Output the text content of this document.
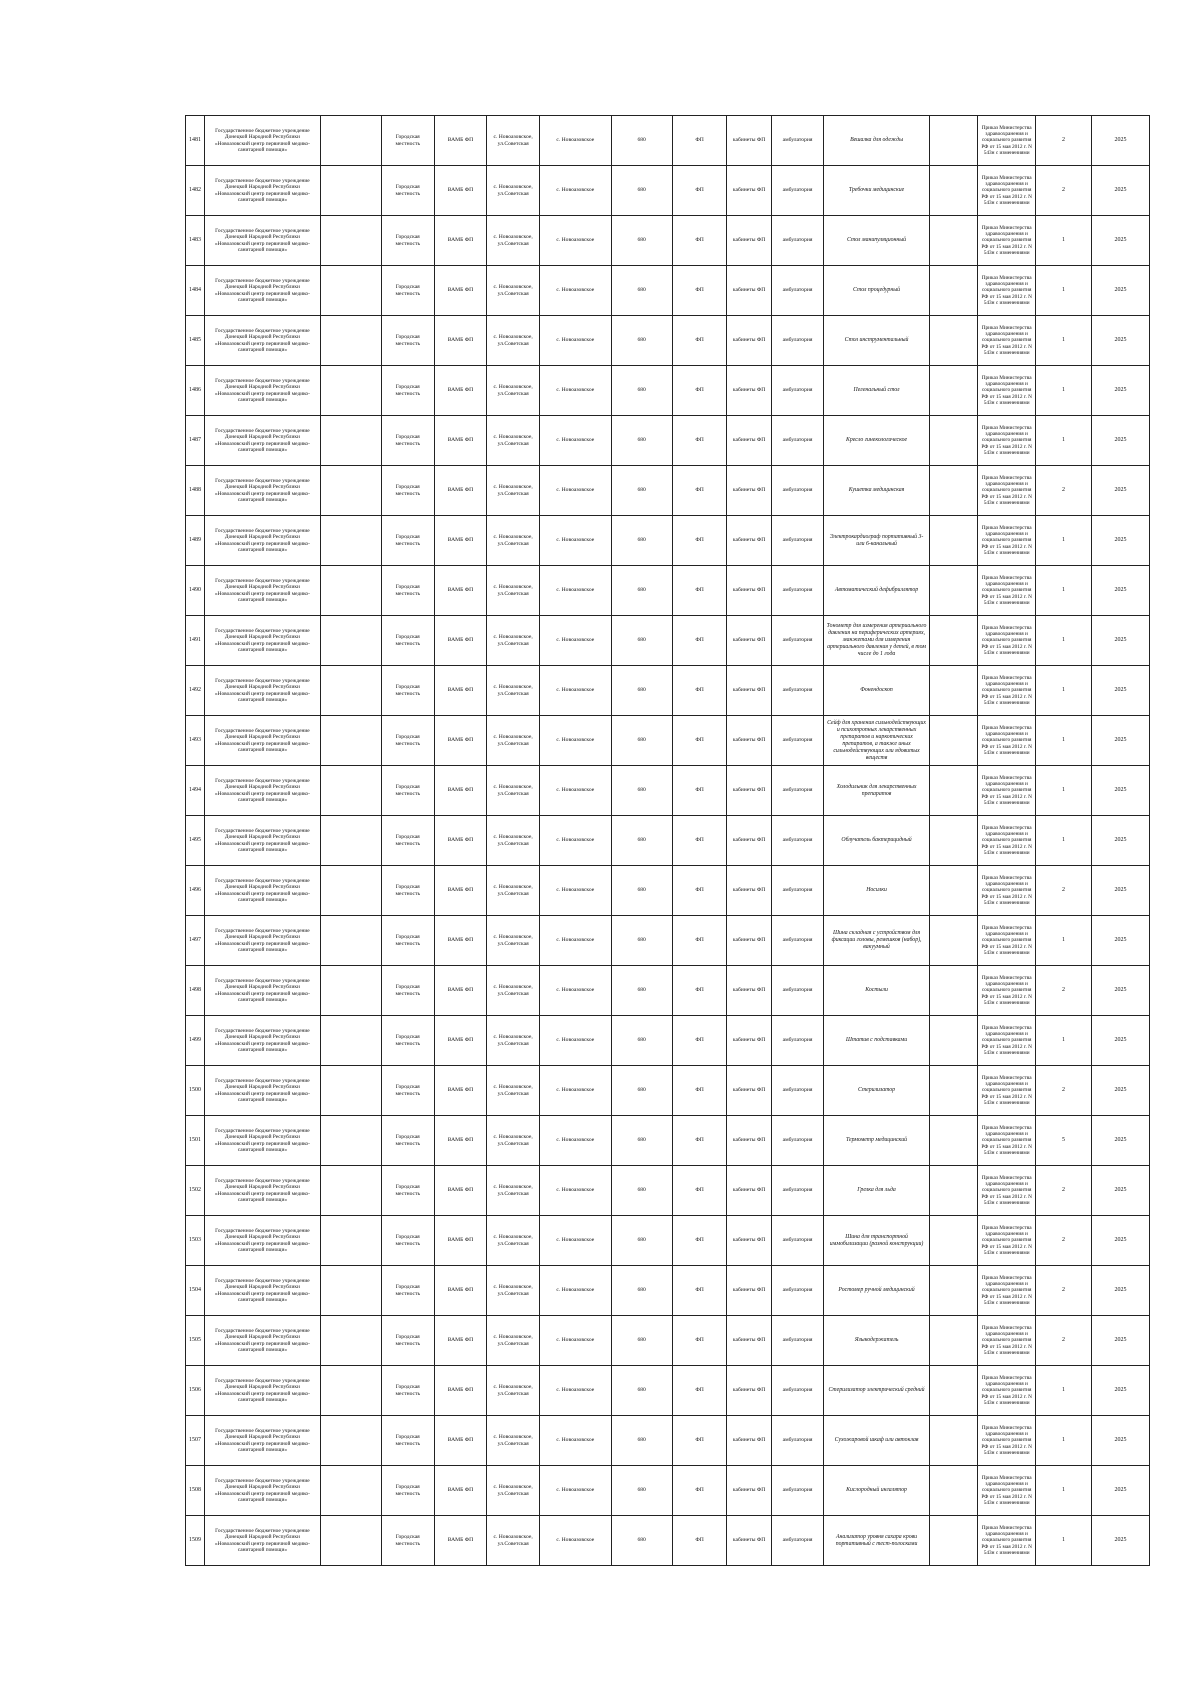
1481	Государственное бюджетное учреждение Донецкой Народной Республики «Новоазовский центр первичной медико-санитарной помощи»		Городская местность	ВАМБ ФП	с. Новоазовское, ул.Советская	с. Новоазовское	680	ФП	кабинеты ФП	амбулатория	Вешалка для одежды		Приказ Министерства здравоохранения и социального развития РФ от 15 мая 2012 г. N 543н с изменениями	2	2025
1482	Государственное бюджетное учреждение Донецкой Народной Республики «Новоазовский центр первичной медико-санитарной помощи»		Городская местность	ВАМБ ФП	с. Новоазовское, ул.Советская	с. Новоазовское	680	ФП	кабинеты ФП	амбулатория	Требочки медицинские		Приказ Министерства здравоохранения и социального развития РФ от 15 мая 2012 г. N 543н с изменениями	2	2025
1483	Государственное бюджетное учреждение Донецкой Народной Республики «Новоазовский центр первичной медико-санитарной помощи»		Городская местность	ВАМБ ФП	с. Новоазовское, ул.Советская	с. Новоазовское	680	ФП	кабинеты ФП	амбулатория	Стол манипуляционный		Приказ Министерства здравоохранения и социального развития РФ от 15 мая 2012 г. N 543н с изменениями	1	2025
1484	Государственное бюджетное учреждение Донецкой Народной Республики «Новоазовский центр первичной медико-санитарной помощи»		Городская местность	ВАМБ ФП	с. Новоазовское, ул.Советская	с. Новоазовское	680	ФП	кабинеты ФП	амбулатория	Стол процедурный		Приказ Министерства здравоохранения и социального развития РФ от 15 мая 2012 г. N 543н с изменениями	1	2025
1485	Государственное бюджетное учреждение Донецкой Народной Республики «Новоазовский центр первичной медико-санитарной помощи»		Городская местность	ВАМБ ФП	с. Новоазовское, ул.Советская	с. Новоазовское	680	ФП	кабинеты ФП	амбулатория	Стол инструментальный		Приказ Министерства здравоохранения и социального развития РФ от 15 мая 2012 г. N 543н с изменениями	1	2025
1486	Государственное бюджетное учреждение Донецкой Народной Республики «Новоазовский центр первичной медико-санитарной помощи»		Городская местность	ВАМБ ФП	с. Новоазовское, ул.Советская	с. Новоазовское	680	ФП	кабинеты ФП	амбулатория	Пеленальный стол		Приказ Министерства здравоохранения и социального развития РФ от 15 мая 2012 г. N 543н с изменениями	1	2025
1487	Государственное бюджетное учреждение Донецкой Народной Республики «Новоазовский центр первичной медико-санитарной помощи»		Городская местность	ВАМБ ФП	с. Новоазовское, ул.Советская	с. Новоазовское	680	ФП	кабинеты ФП	амбулатория	Кресло гинекологическое		Приказ Министерства здравоохранения и социального развития РФ от 15 мая 2012 г. N 543н с изменениями	1	2025
1488	Государственное бюджетное учреждение Донецкой Народной Республики «Новоазовский центр первичной медико-санитарной помощи»		Городская местность	ВАМБ ФП	с. Новоазовское, ул.Советская	с. Новоазовское	680	ФП	кабинеты ФП	амбулатория	Кушетка медицинская		Приказ Министерства здравоохранения и социального развития РФ от 15 мая 2012 г. N 543н с изменениями	2	2025
1489	Государственное бюджетное учреждение Донецкой Народной Республики «Новоазовский центр первичной медико-санитарной помощи»		Городская местность	ВАМБ ФП	с. Новоазовское, ул.Советская	с. Новоазовское	680	ФП	кабинеты ФП	амбулатория	Электрокардиограф портативный 3-или 6-канальный		Приказ Министерства здравоохранения и социального развития РФ от 15 мая 2012 г. N 543н с изменениями	1	2025
1490	Государственное бюджетное учреждение Донецкой Народной Республики «Новоазовский центр первичной медико-санитарной помощи»		Городская местность	ВАМБ ФП	с. Новоазовское, ул.Советская	с. Новоазовское	680	ФП	кабинеты ФП	амбулатория	Автоматический дефибриллятор		Приказ Министерства здравоохранения и социального развития РФ от 15 мая 2012 г. N 543н с изменениями	1	2025
1491	Государственное бюджетное учреждение Донецкой Народной Республики «Новоазовский центр первичной медико-санитарной помощи»		Городская местность	ВАМБ ФП	с. Новоазовское, ул.Советская	с. Новоазовское	680	ФП	кабинеты ФП	амбулатория	Тонометр для измерения артериального давления на периферических артериях, манжетами для измерения артериального давления у детей, в том числе до 1 года		Приказ Министерства здравоохранения и социального развития РФ от 15 мая 2012 г. N 543н с изменениями	1	2025
1492	Государственное бюджетное учреждение Донецкой Народной Республики «Новоазовский центр первичной медико-санитарной помощи»		Городская местность	ВАМБ ФП	с. Новоазовское, ул.Советская	с. Новоазовское	680	ФП	кабинеты ФП	амбулатория	Фонендоскоп		Приказ Министерства здравоохранения и социального развития РФ от 15 мая 2012 г. N 543н с изменениями	1	2025
1493	Государственное бюджетное учреждение Донецкой Народной Республики «Новоазовский центр первичной медико-санитарной помощи»		Городская местность	ВАМБ ФП	с. Новоазовское, ул.Советская	с. Новоазовское	680	ФП	кабинеты ФП	амбулатория	Сейф для хранения сильнодействующих и психотропных лекарственных препаратов и наркотических препаратов, а также иных сильнодействующих или ядовитых веществ		Приказ Министерства здравоохранения и социального развития РФ от 15 мая 2012 г. N 543н с изменениями	1	2025
1494	Государственное бюджетное учреждение Донецкой Народной Республики «Новоазовский центр первичной медико-санитарной помощи»		Городская местность	ВАМБ ФП	с. Новоазовское, ул.Советская	с. Новоазовское	680	ФП	кабинеты ФП	амбулатория	Холодильник для лекарственных препаратов		Приказ Министерства здравоохранения и социального развития РФ от 15 мая 2012 г. N 543н с изменениями	1	2025
1495	Государственное бюджетное учреждение Донецкой Народной Республики «Новоазовский центр первичной медико-санитарной помощи»		Городская местность	ВАМБ ФП	с. Новоазовское, ул.Советская	с. Новоазовское	680	ФП	кабинеты ФП	амбулатория	Облучатель бактерицидный		Приказ Министерства здравоохранения и социального развития РФ от 15 мая 2012 г. N 543н с изменениями	1	2025
1496	Государственное бюджетное учреждение Донецкой Народной Республики «Новоазовский центр первичной медико-санитарной помощи»		Городская местность	ВАМБ ФП	с. Новоазовское, ул.Советская	с. Новоазовское	680	ФП	кабинеты ФП	амбулатория	Носилки		Приказ Министерства здравоохранения и социального развития РФ от 15 мая 2012 г. N 543н с изменениями	2	2025
1497	Государственное бюджетное учреждение Донецкой Народной Республики «Новоазовский центр первичной медико-санитарной помощи»		Городская местность	ВАМБ ФП	с. Новоазовское, ул.Советская	с. Новоазовское	680	ФП	кабинеты ФП	амбулатория	Шина складная с устройством для фиксации головы, ремешков (набор), вакуумный		Приказ Министерства здравоохранения и социального развития РФ от 15 мая 2012 г. N 543н с изменениями	1	2025
1498	Государственное бюджетное учреждение Донецкой Народной Республики «Новоазовский центр первичной медико-санитарной помощи»		Городская местность	ВАМБ ФП	с. Новоазовское, ул.Советская	с. Новоазовское	680	ФП	кабинеты ФП	амбулатория	Костыли		Приказ Министерства здравоохранения и социального развития РФ от 15 мая 2012 г. N 543н с изменениями	2	2025
1499	Государственное бюджетное учреждение Донецкой Народной Республики «Новоазовский центр первичной медико-санитарной помощи»		Городская местность	ВАМБ ФП	с. Новоазовское, ул.Советская	с. Новоазовское	680	ФП	кабинеты ФП	амбулатория	Штатив с подставками		Приказ Министерства здравоохранения и социального развития РФ от 15 мая 2012 г. N 543н с изменениями	1	2025
1500	Государственное бюджетное учреждение Донецкой Народной Республики «Новоазовский центр первичной медико-санитарной помощи»		Городская местность	ВАМБ ФП	с. Новоазовское, ул.Советская	с. Новоазовское	680	ФП	кабинеты ФП	амбулатория	Стерилизатор		Приказ Министерства здравоохранения и социального развития РФ от 15 мая 2012 г. N 543н с изменениями	2	2025
1501	Государственное бюджетное учреждение Донецкой Народной Республики «Новоазовский центр первичной медико-санитарной помощи»		Городская местность	ВАМБ ФП	с. Новоазовское, ул.Советская	с. Новоазовское	680	ФП	кабинеты ФП	амбулатория	Термометр медицинский		Приказ Министерства здравоохранения и социального развития РФ от 15 мая 2012 г. N 543н с изменениями	5	2025
1502	Государственное бюджетное учреждение Донецкой Народной Республики «Новоазовский центр первичной медико-санитарной помощи»		Городская местность	ВАМБ ФП	с. Новоазовское, ул.Советская	с. Новоазовское	680	ФП	кабинеты ФП	амбулатория	Грелка для льда		Приказ Министерства здравоохранения и социального развития РФ от 15 мая 2012 г. N 543н с изменениями	2	2025
1503	Государственное бюджетное учреждение Донецкой Народной Республики «Новоазовский центр первичной медико-санитарной помощи»		Городская местность	ВАМБ ФП	с. Новоазовское, ул.Советская	с. Новоазовское	680	ФП	кабинеты ФП	амбулатория	Шина для транспортной иммобилизации (разной конструкции)		Приказ Министерства здравоохранения и социального развития РФ от 15 мая 2012 г. N 543н с изменениями	2	2025
1504	Государственное бюджетное учреждение Донецкой Народной Республики «Новоазовский центр первичной медико-санитарной помощи»		Городская местность	ВАМБ ФП	с. Новоазовское, ул.Советская	с. Новоазовское	680	ФП	кабинеты ФП	амбулатория	Ростомер ручной медицинский		Приказ Министерства здравоохранения и социального развития РФ от 15 мая 2012 г. N 543н с изменениями	2	2025
1505	Государственное бюджетное учреждение Донецкой Народной Республики «Новоазовский центр первичной медико-санитарной помощи»		Городская местность	ВАМБ ФП	с. Новоазовское, ул.Советская	с. Новоазовское	680	ФП	кабинеты ФП	амбулатория	Языкодержатель		Приказ Министерства здравоохранения и социального развития РФ от 15 мая 2012 г. N 543н с изменениями	2	2025
1506	Государственное бюджетное учреждение Донецкой Народной Республики «Новоазовский центр первичной медико-санитарной помощи»		Городская местность	ВАМБ ФП	с. Новоазовское, ул.Советская	с. Новоазовское	680	ФП	кабинеты ФП	амбулатория	Стерилизатор электрический средний		Приказ Министерства здравоохранения и социального развития РФ от 15 мая 2012 г. N 543н с изменениями	1	2025
1507	Государственное бюджетное учреждение Донецкой Народной Республики «Новоазовский центр первичной медико-санитарной помощи»		Городская местность	ВАМБ ФП	с. Новоазовское, ул.Советская	с. Новоазовское	680	ФП	кабинеты ФП	амбулатория	Сухожаровой шкаф или автоклав		Приказ Министерства здравоохранения и социального развития РФ от 15 мая 2012 г. N 543н с изменениями	1	2025
1508	Государственное бюджетное учреждение Донецкой Народной Республики «Новоазовский центр первичной медико-санитарной помощи»		Городская местность	ВАМБ ФП	с. Новоазовское, ул.Советская	с. Новоазовское	680	ФП	кабинеты ФП	амбулатория	Кислородный ингалятор		Приказ Министерства здравоохранения и социального развития РФ от 15 мая 2012 г. N 543н с изменениями	1	2025
1509	Государственное бюджетное учреждение Донецкой Народной Республики «Новоазовский центр первичной медико-санитарной помощи»		Городская местность	ВАМБ ФП	с. Новоазовское, ул.Советская	с. Новоазовское	680	ФП	кабинеты ФП	амбулатория	Анализатор уровня сахара крови портативный с тест-полосками		Приказ Министерства здравоохранения и социального развития РФ от 15 мая 2012 г. N 543н с изменениями	1	2025
